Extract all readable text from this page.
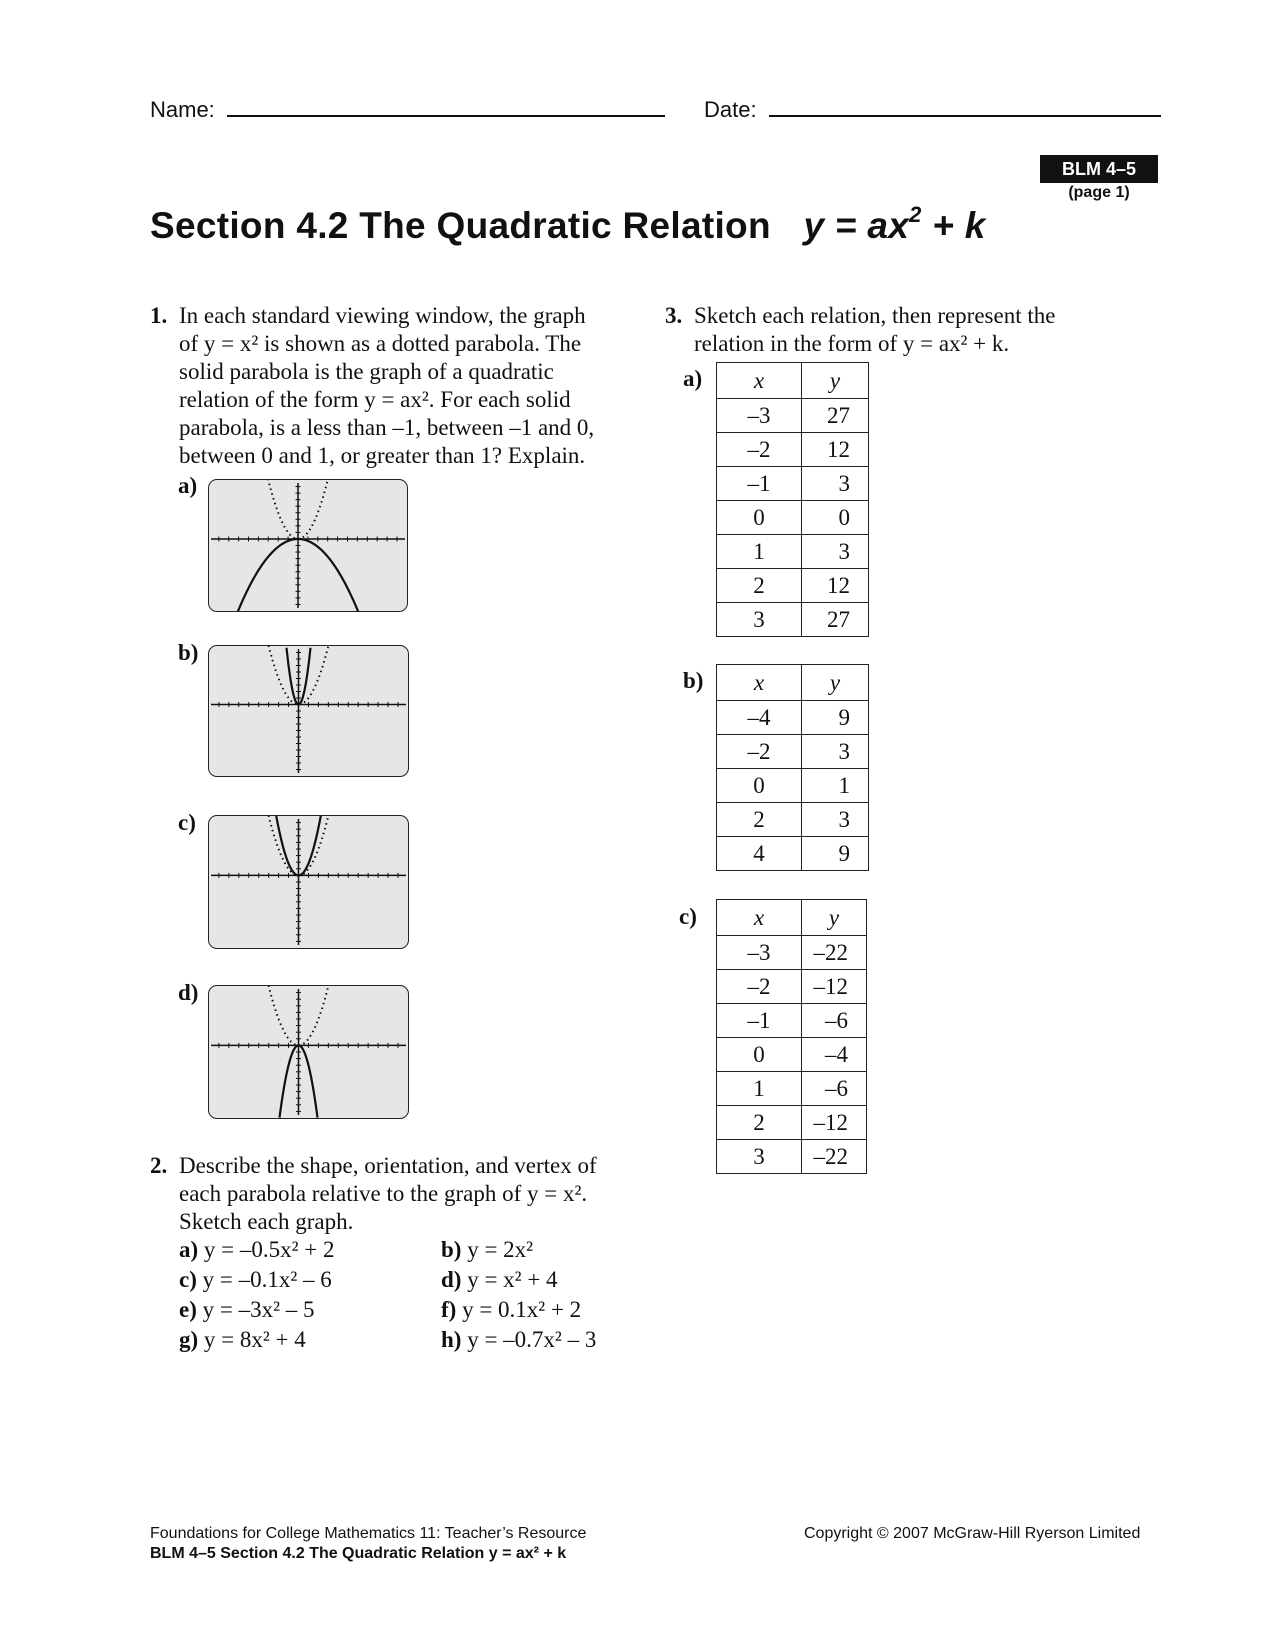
Name:	Date:
BLM 4–5
(page 1)
Section 4.2 The Quadratic Relation $y = ax^2 + k$
1. In each standard viewing window, the graph
of y = x² is shown as a dotted parabola. The
solid parabola is the graph of a quadratic
relation of the form y = ax². For each solid
parabola, is a less than –1, between –1 and 0,
between 0 and 1, or greater than 1? Explain.
a)
b)
c)
d)
2. Describe the shape, orientation, and vertex of
each parabola relative to the graph of y = x².
Sketch each graph.
a) y = –0.5x² + 2	b) y = 2x²
c) y = –0.1x² – 6	d) y = x² + 4
e) y = –3x² – 5	f) y = 0.1x² + 2
g) y = 8x² + 4	h) y = –0.7x² – 3
3. Sketch each relation, then represent the
relation in the form of y = ax² + k.
a) x	y
–3	27
–2	12
–1	3
0	0
1	3
2	12
3	27
b) x	y
–4	9
–2	3
0	1
2	3
4	9
c) x	y
–3	–22
–2	–12
–1	–6
0	–4
1	–6
2	–12
3	–22
Foundations for College Mathematics 11: Teacher’s Resource
BLM 4–5 Section 4.2 The Quadratic Relation y = ax² + k
Copyright © 2007 McGraw-Hill Ryerson Limited
